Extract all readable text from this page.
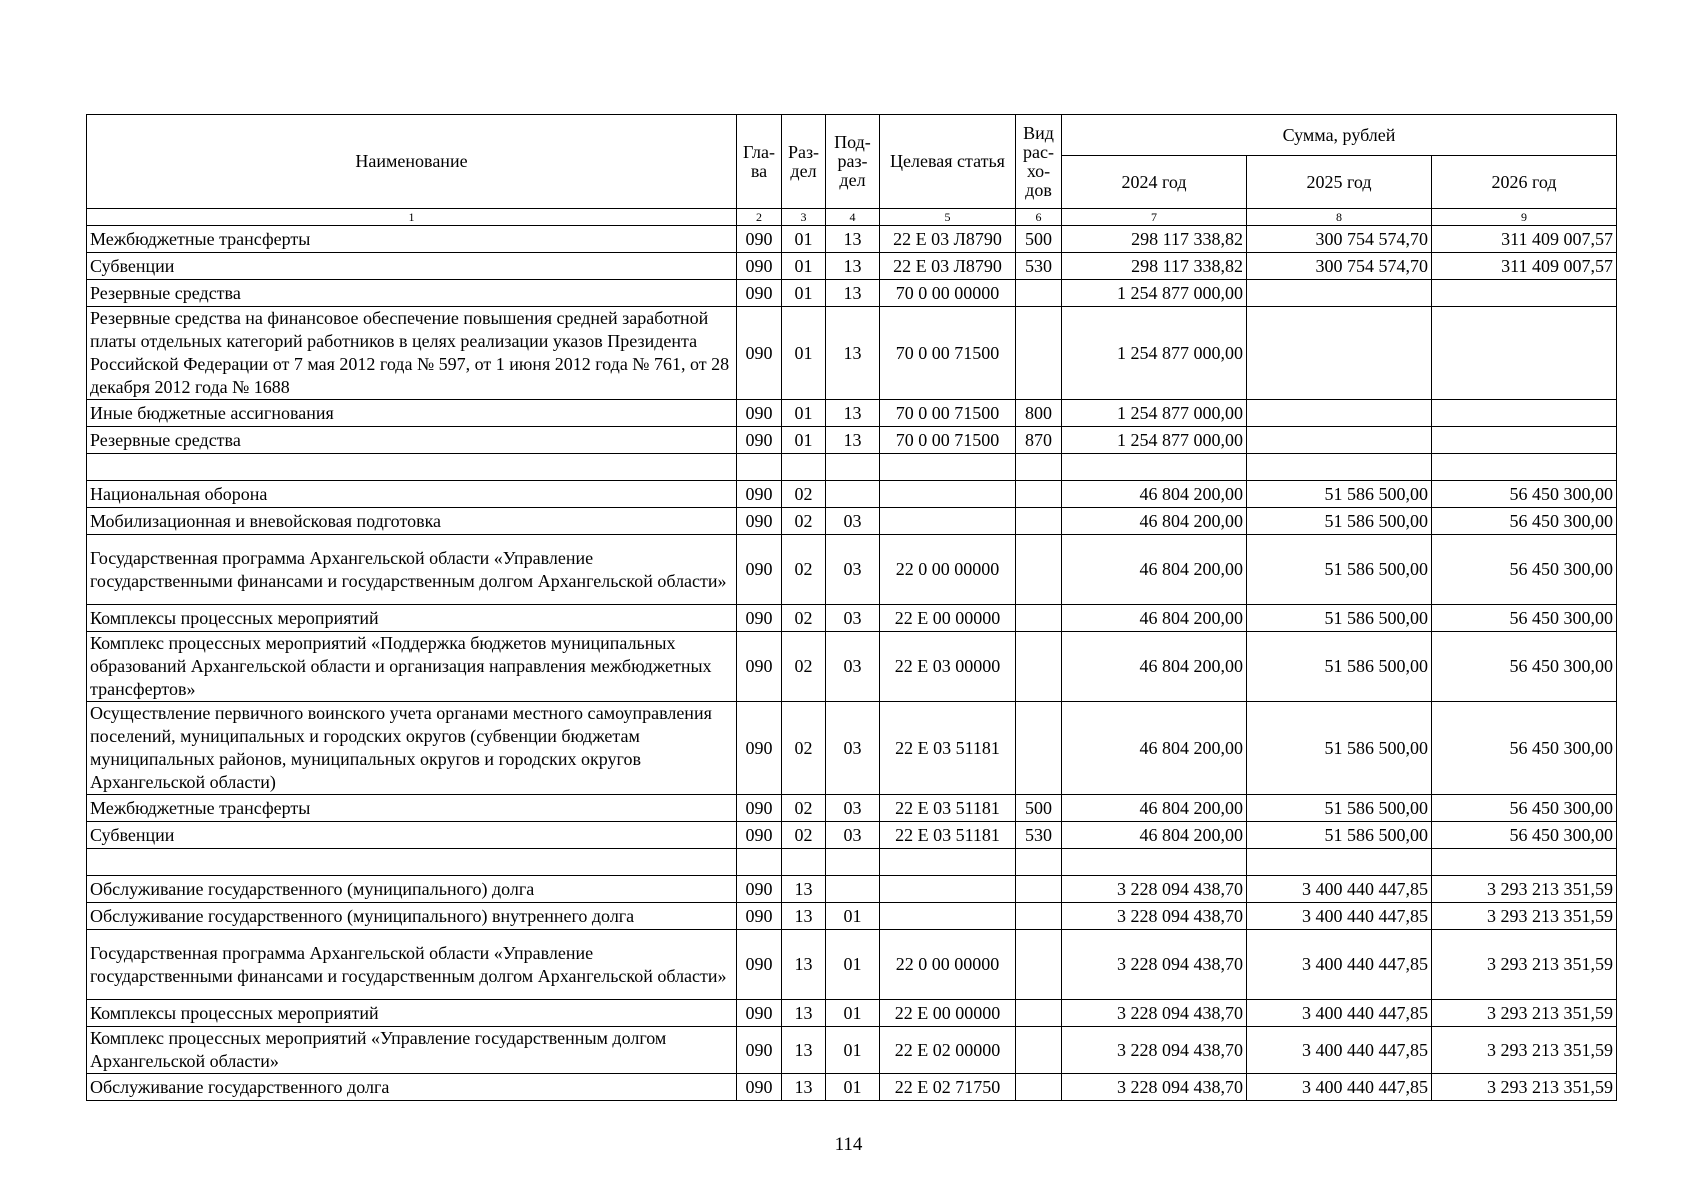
Наименование	Гла-ва	Раз-дел	Под-раз-дел	Целевая статья	Вид рас-хо-дов	Сумма, рублей		
						2024 год	2025 год	2026 год
1	2	3	4	5	6	7	8	9
Межбюджетные трансферты	090	01	13	22 Е 03 Л8790	500	298 117 338,82	300 754 574,70	311 409 007,57
Субвенции	090	01	13	22 Е 03 Л8790	530	298 117 338,82	300 754 574,70	311 409 007,57
Резервные средства	090	01	13	70 0 00 00000		1 254 877 000,00		
Резервные средства на финансовое обеспечение повышения средней заработной платы отдельных категорий работников в целях реализации указов Президента Российской Федерации от 7 мая 2012 года № 597, от 1 июня 2012 года № 761, от 28 декабря 2012 года № 1688	090	01	13	70 0 00 71500		1 254 877 000,00		
Иные бюджетные ассигнования	090	01	13	70 0 00 71500	800	1 254 877 000,00		
Резервные средства	090	01	13	70 0 00 71500	870	1 254 877 000,00		

Национальная оборона	090	02				46 804 200,00	51 586 500,00	56 450 300,00
Мобилизационная и вневойсковая подготовка	090	02	03			46 804 200,00	51 586 500,00	56 450 300,00
Государственная программа Архангельской области «Управление государственными финансами и государственным долгом Архангельской области»	090	02	03	22 0 00 00000		46 804 200,00	51 586 500,00	56 450 300,00
Комплексы процессных мероприятий	090	02	03	22 Е 00 00000		46 804 200,00	51 586 500,00	56 450 300,00
Комплекс процессных мероприятий «Поддержка бюджетов муниципальных образований Архангельской области и организация направления межбюджетных трансфертов»	090	02	03	22 Е 03 00000		46 804 200,00	51 586 500,00	56 450 300,00
Осуществление первичного воинского учета органами местного самоуправления поселений, муниципальных и городских округов (субвенции бюджетам муниципальных районов, муниципальных округов и городских округов Архангельской области)	090	02	03	22 Е 03 51181		46 804 200,00	51 586 500,00	56 450 300,00
Межбюджетные трансферты	090	02	03	22 Е 03 51181	500	46 804 200,00	51 586 500,00	56 450 300,00
Субвенции	090	02	03	22 Е 03 51181	530	46 804 200,00	51 586 500,00	56 450 300,00

Обслуживание государственного (муниципального) долга	090	13				3 228 094 438,70	3 400 440 447,85	3 293 213 351,59
Обслуживание государственного (муниципального) внутреннего долга	090	13	01			3 228 094 438,70	3 400 440 447,85	3 293 213 351,59
Государственная программа Архангельской области «Управление государственными финансами и государственным долгом Архангельской области»	090	13	01	22 0 00 00000		3 228 094 438,70	3 400 440 447,85	3 293 213 351,59
Комплексы процессных мероприятий	090	13	01	22 Е 00 00000		3 228 094 438,70	3 400 440 447,85	3 293 213 351,59
Комплекс процессных мероприятий «Управление государственным долгом Архангельской области»	090	13	01	22 Е 02 00000		3 228 094 438,70	3 400 440 447,85	3 293 213 351,59
Обслуживание государственного долга	090	13	01	22 Е 02 71750		3 228 094 438,70	3 400 440 447,85	3 293 213 351,59
114
